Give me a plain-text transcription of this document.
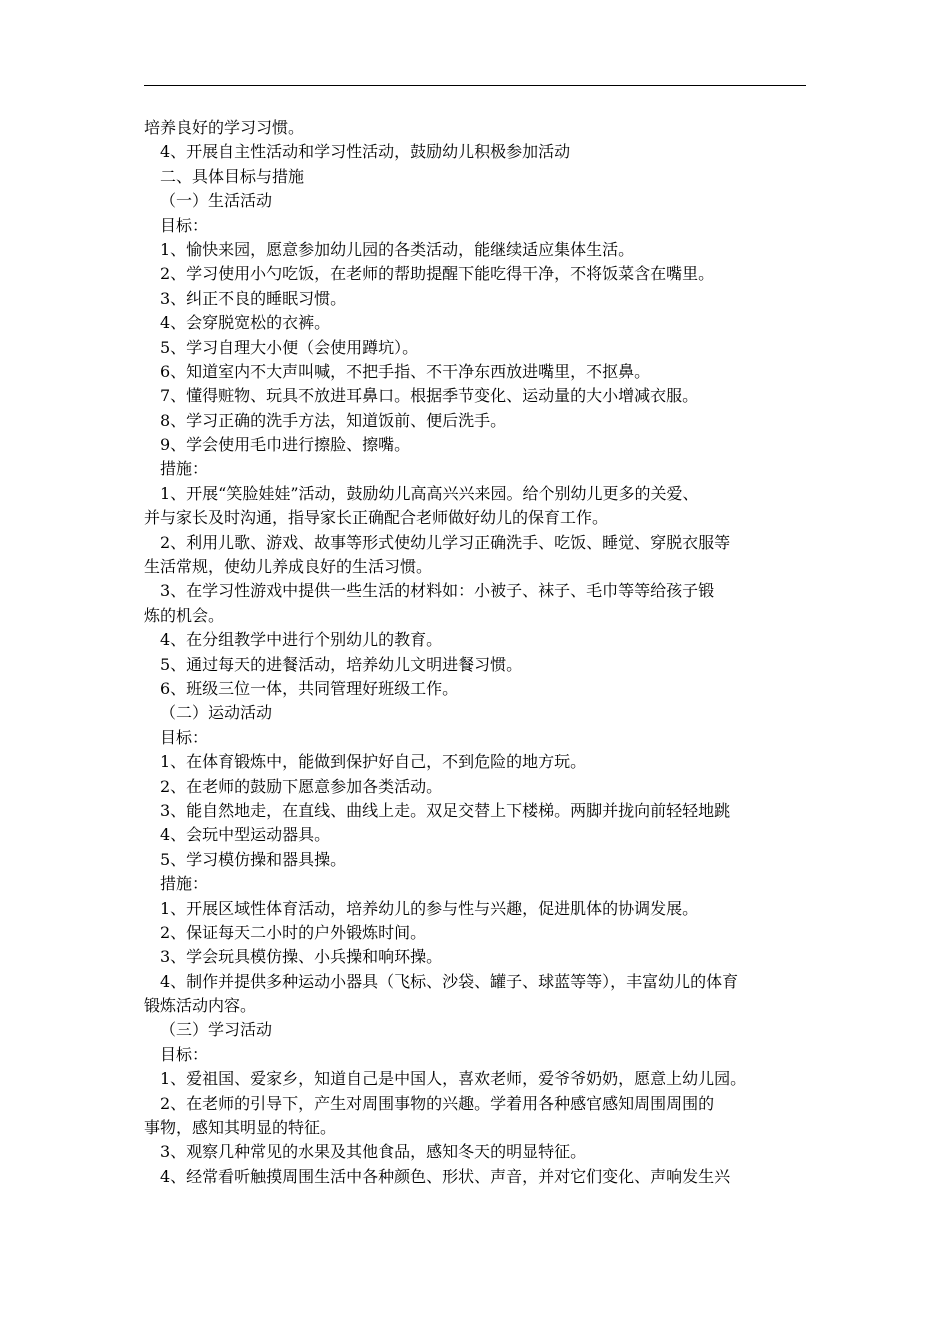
培养良好的学习习惯。
4、开展自主性活动和学习性活动，鼓励幼儿积极参加活动
二、具体目标与措施
（一）生活活动
目标：
1、愉快来园，愿意参加幼儿园的各类活动，能继续适应集体生活。
2、学习使用小勺吃饭，在老师的帮助提醒下能吃得干净，不将饭菜含在嘴里。
3、纠正不良的睡眠习惯。
4、会穿脱宽松的衣裤。
5、学习自理大小便（会使用蹲坑）。
6、知道室内不大声叫喊，不把手指、不干净东西放进嘴里，不抠鼻。
7、懂得赃物、玩具不放进耳鼻口。根据季节变化、运动量的大小增减衣服。
8、学习正确的洗手方法，知道饭前、便后洗手。
9、学会使用毛巾进行擦脸、擦嘴。
措施：
1、开展“笑脸娃娃”活动，鼓励幼儿高高兴兴来园。给个别幼儿更多的关爱、
并与家长及时沟通，指导家长正确配合老师做好幼儿的保育工作。
2、利用儿歌、游戏、故事等形式使幼儿学习正确洗手、吃饭、睡觉、穿脱衣服等
生活常规，使幼儿养成良好的生活习惯。
3、在学习性游戏中提供一些生活的材料如：小被子、袜子、毛巾等等给孩子锻
炼的机会。
4、在分组教学中进行个别幼儿的教育。
5、通过每天的进餐活动，培养幼儿文明进餐习惯。
6、班级三位一体，共同管理好班级工作。
（二）运动活动
目标：
1、在体育锻炼中，能做到保护好自己，不到危险的地方玩。
2、在老师的鼓励下愿意参加各类活动。
3、能自然地走，在直线、曲线上走。双足交替上下楼梯。两脚并拢向前轻轻地跳
4、会玩中型运动器具。
5、学习模仿操和器具操。
措施：
1、开展区域性体育活动，培养幼儿的参与性与兴趣，促进肌体的协调发展。
2、保证每天二小时的户外锻炼时间。
3、学会玩具模仿操、小兵操和响环操。
4、制作并提供多种运动小器具（飞标、沙袋、罐子、球蓝等等），丰富幼儿的体育
锻炼活动内容。
（三）学习活动
目标：
1、爱祖国、爱家乡，知道自己是中国人，喜欢老师，爱爷爷奶奶，愿意上幼儿园。
2、在老师的引导下，产生对周围事物的兴趣。学着用各种感官感知周围周围的
事物，感知其明显的特征。
3、观察几种常见的水果及其他食品，感知冬天的明显特征。
4、经常看听触摸周围生活中各种颜色、形状、声音，并对它们变化、声响发生兴
